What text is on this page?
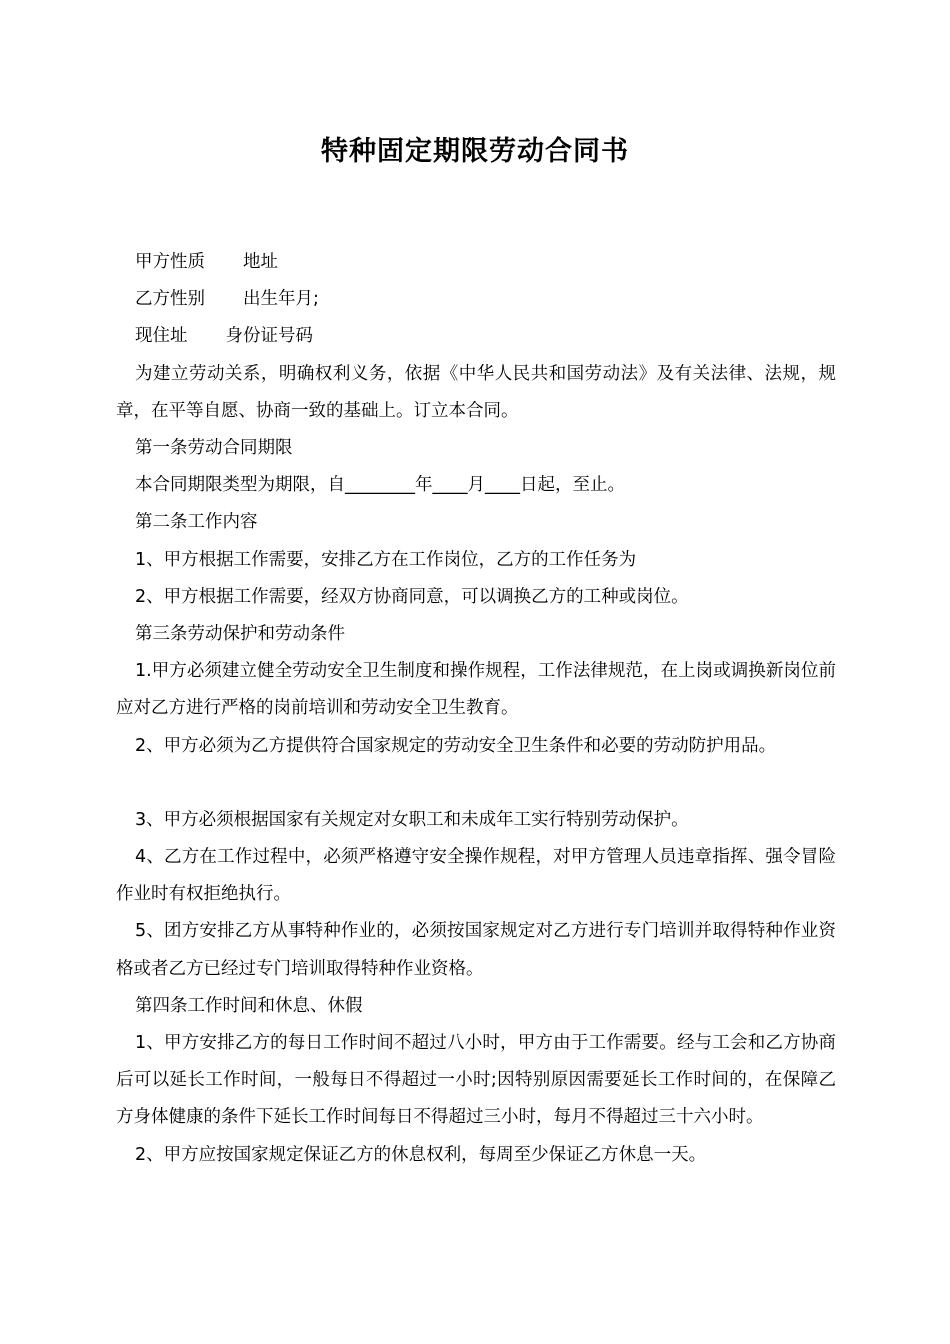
特种固定期限劳动合同书

甲方性质 地址

乙方性别 出生年月;

现住址 身份证号码

为建立劳动关系，明确权利义务，依据《中华人民共和国劳动法》及有关法律、法规，规章，在平等自愿、协商一致的基础上。订立本合同。

第一条劳动合同期限

本合同期限类型为期限，自________年____月____日起，至止。

第二条工作内容

1、甲方根据工作需要，安排乙方在工作岗位，乙方的工作任务为

2、甲方根据工作需要，经双方协商同意，可以调换乙方的工种或岗位。

第三条劳动保护和劳动条件

1.甲方必须建立健全劳动安全卫生制度和操作规程，工作法律规范，在上岗或调换新岗位前应对乙方进行严格的岗前培训和劳动安全卫生教育。

2、甲方必须为乙方提供符合国家规定的劳动安全卫生条件和必要的劳动防护用品。

3、甲方必须根据国家有关规定对女职工和未成年工实行特别劳动保护。

4、乙方在工作过程中，必须严格遵守安全操作规程，对甲方管理人员违章指挥、强令冒险作业时有权拒绝执行。

5、团方安排乙方从事特种作业的，必须按国家规定对乙方进行专门培训并取得特种作业资格或者乙方已经过专门培训取得特种作业资格。

第四条工作时间和休息、休假

1、甲方安排乙方的每日工作时间不超过八小时，甲方由于工作需要。经与工会和乙方协商后可以延长工作时间，一般每日不得超过一小时;因特别原因需要延长工作时间的，在保障乙方身体健康的条件下延长工作时间每日不得超过三小时，每月不得超过三十六小时。

2、甲方应按国家规定保证乙方的休息权利，每周至少保证乙方休息一天。
